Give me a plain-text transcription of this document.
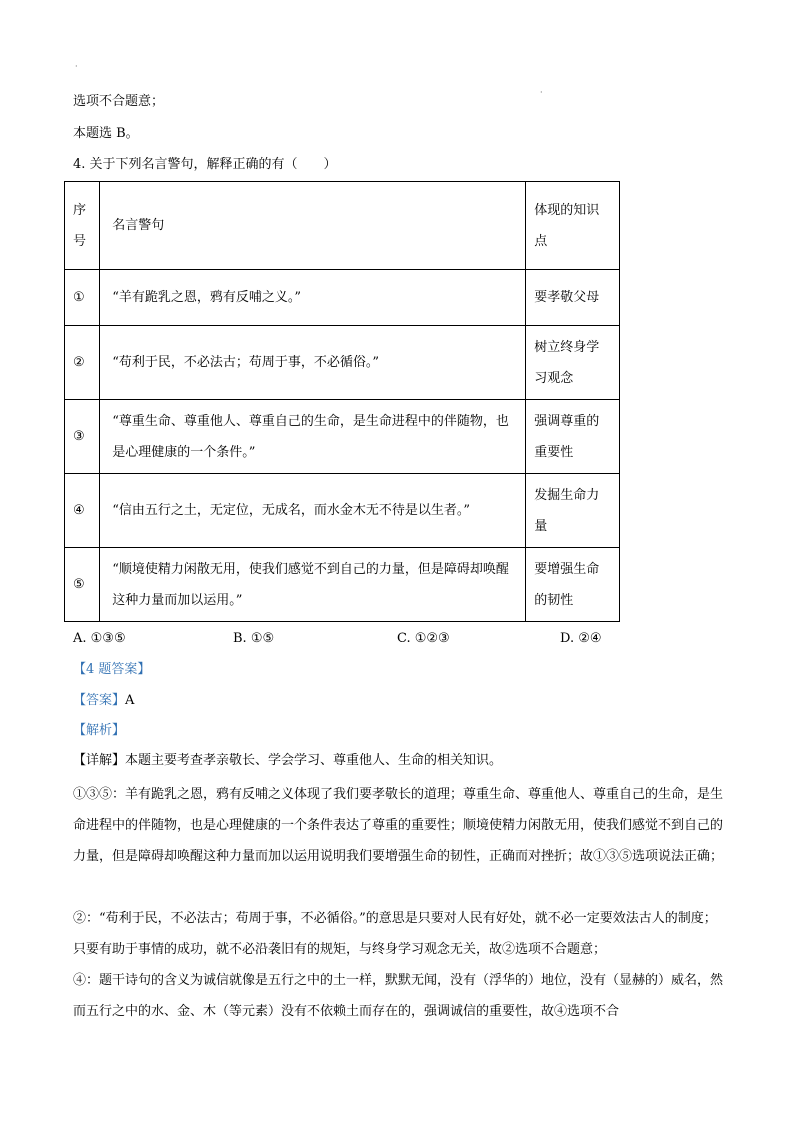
·
·
选项不合题意；
本题选 B。
4. 关于下列名言警句，解释正确的有（　　）
序号	名言警句	体现的知识点

①	“羊有跪乳之恩，鸦有反哺之义。”	要孝敬父母
②	“苟利于民，不必法古；苟周于事，不必循俗。”	树立终身学习观念

③	“尊重生命、尊重他人、尊重自己的生命，是生命进程中的伴随物，也是心理健康的一个条件。”	强调尊重的重要性

④	“信由五行之土，无定位，无成名，而水金木无不待是以生者。”	发掘生命力量

⑤	“顺境使精力闲散无用，使我们感觉不到自己的力量，但是障碍却唤醒这种力量而加以运用。”	要增强生命的韧性
A. ①③⑤	B. ①⑤	C. ①②③	D. ②④
【4 题答案】
【答案】A
【解析】
【详解】本题主要考查孝亲敬长、学会学习、尊重他人、生命的相关知识。
①③⑤：羊有跪乳之恩，鸦有反哺之义体现了我们要孝敬长的道理；尊重生命、尊重他人、尊重自己的生命，是生命进程中的伴随物，也是心理健康的一个条件表达了尊重的重要性；顺境使精力闲散无用，使我们感觉不到自己的力量，但是障碍却唤醒这种力量而加以运用说明我们要增强生命的韧性，正确而对挫折；故①③⑤选项说法正确；
②：“苟利于民，不必法古；苟周于事，不必循俗。”的意思是只要对人民有好处，就不必一定要效法古人的制度；只要有助于事情的成功，就不必沿袭旧有的规矩，与终身学习观念无关，故②选项不合题意；
④：题干诗句的含义为诚信就像是五行之中的土一样，默默无闻，没有（浮华的）地位，没有（显赫的）威名，然而五行之中的水、金、木（等元素）没有不依赖土而存在的，强调诚信的重要性，故④选项不合
